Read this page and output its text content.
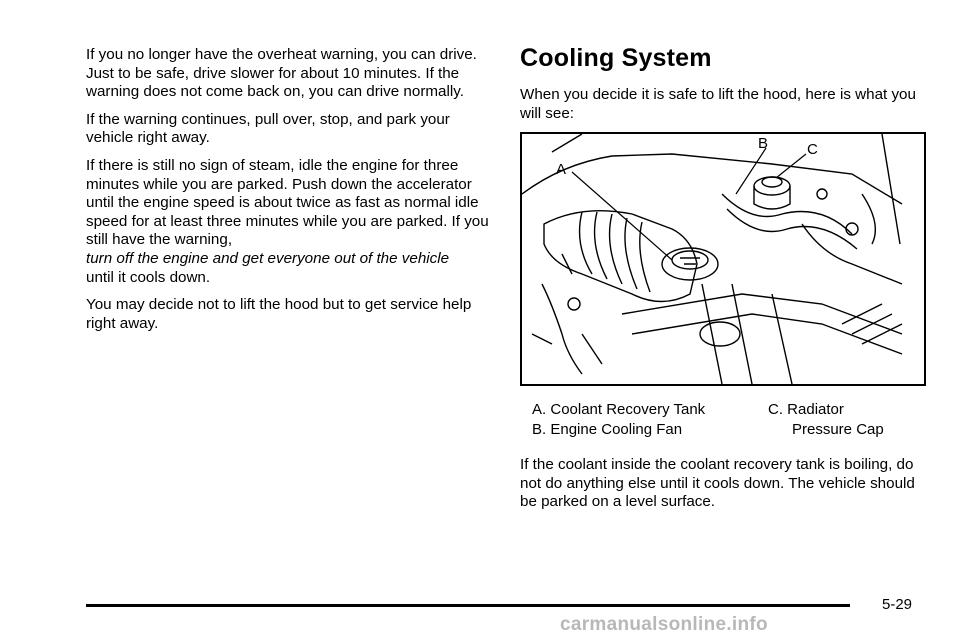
If you no longer have the overheat warning, you can drive. Just to be safe, drive slower for about 10 minutes. If the warning does not come back on, you can drive normally.

If the warning continues, pull over, stop, and park your vehicle right away.

If there is still no sign of steam, idle the engine for three minutes while you are parked. Push down the accelerator until the engine speed is about twice as fast as normal idle speed for at least three minutes while you are parked. If you still have the warning,
turn off the engine and get everyone out of the vehicle
until it cools down.

You may decide not to lift the hood but to get service help right away.

Cooling System

When you decide it is safe to lift the hood, here is what you will see:

A
B	C
A. Coolant Recovery Tank
B. Engine Cooling Fan
C. Radiator
Pressure Cap

If the coolant inside the coolant recovery tank is boiling, do not do anything else until it cools down. The vehicle should be parked on a level surface.

5-29
carmanualsonline.info
